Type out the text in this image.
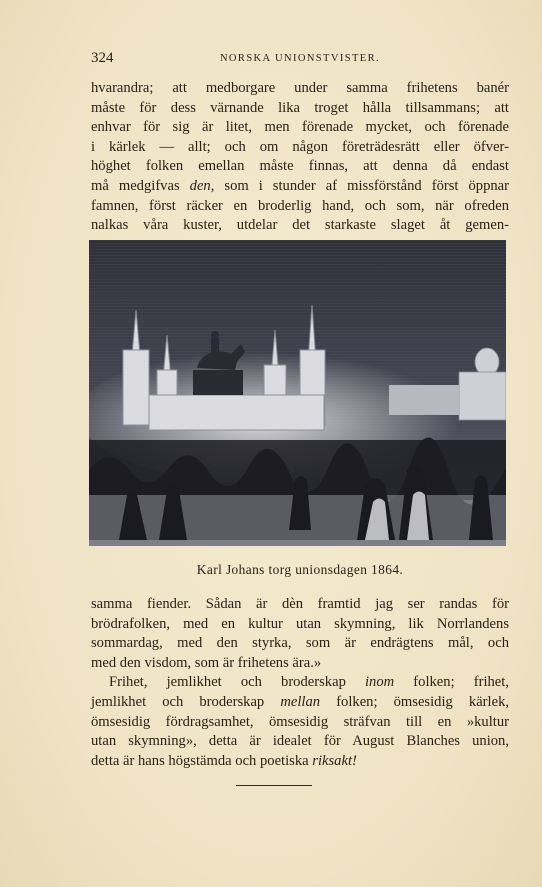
324	NORSKA UNIONSTVISTER.
hvarandra; att medborgare under samma frihetens banér
måste för dess värnande lika troget hålla tillsammans; att
enhvar för sig är litet, men förenade mycket, och förenade
i kärlek — allt; och om någon företrädesrätt eller öfver-
höghet folken emellan måste finnas, att denna då endast
må medgifvas den, som i stunder af missförstånd först öppnar
famnen, först räcker en broderlig hand, och som, när ofreden
nalkas våra kuster, utdelar det starkaste slaget åt gemen-
Karl Johans torg unionsdagen 1864.
samma fiender. Sådan är dèn framtid jag ser randas för
brödrafolken, med en kultur utan skymning, lik Norrlandens
sommardag, med den styrka, som är endrägtens mål, och
med den visdom, som är frihetens ära.»
Frihet, jemlikhet och broderskap inom folken; frihet,
jemlikhet och broderskap mellan folken; ömsesidig kärlek,
ömsesidig fördragsamhet, ömsesidig sträfvan till en »kultur
utan skymning», detta är idealet för August Blanches union,
detta är hans högstämda och poetiska riksakt!
